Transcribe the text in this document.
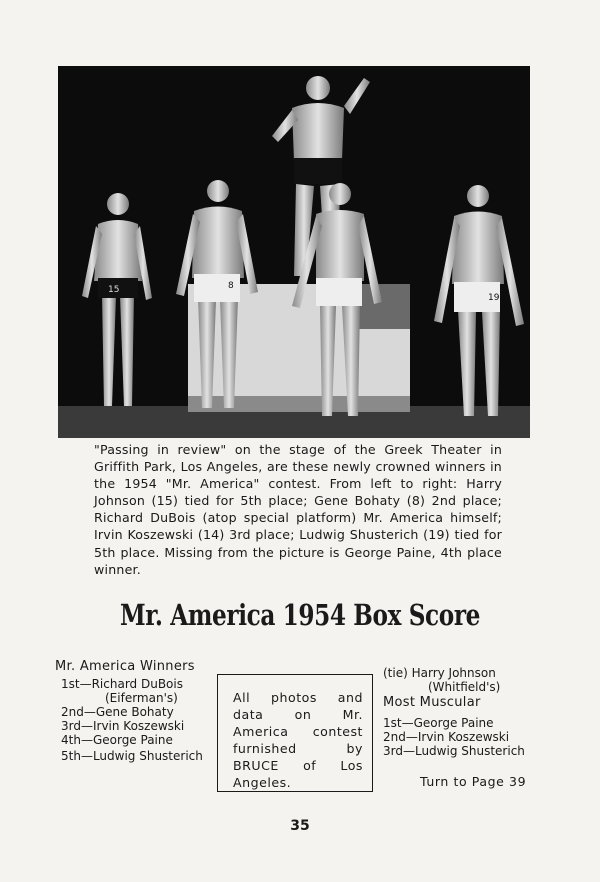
15	8
19
"Passing in review" on the stage of the Greek Theater in Griffith Park, Los Angeles, are these newly crowned winners in the 1954 "Mr. America" contest. From left to right: Harry Johnson (15) tied for 5th place; Gene Bohaty (8) 2nd place; Richard DuBois (atop special platform) Mr. America himself; Irvin Koszewski (14) 3rd place; Ludwig Shusterich (19) tied for 5th place. Missing from the picture is George Paine, 4th place winner.
Mr. America 1954 Box Score
Mr. America Winners
1st—Richard DuBois
(Eiferman's)
2nd—Gene Bohaty
3rd—Irvin Koszewski
4th—George Paine
5th—Ludwig Shusterich
All photos and data on Mr. America contest furnished by BRUCE of Los Angeles.
(tie) Harry Johnson
(Whitfield's)
Most Muscular
1st—George Paine
2nd—Irvin Koszewski
3rd—Ludwig Shusterich
Turn to Page 39
35
